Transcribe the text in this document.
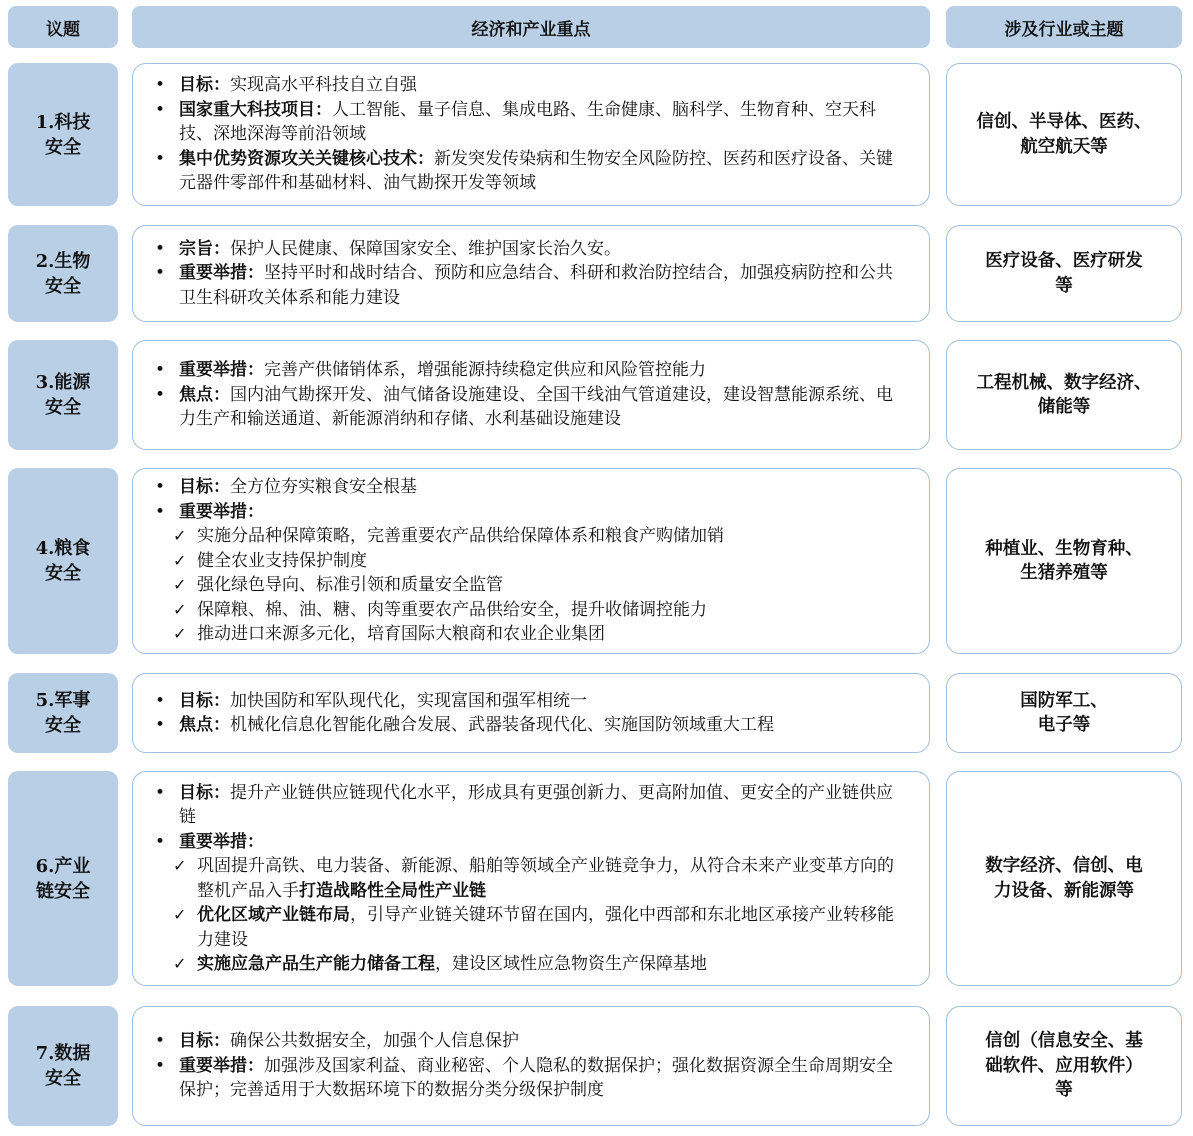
议题	经济和产业重点	涉及行业或主题
1.科技
安全
• 目标：实现高水平科技自立自强
• 国家重大科技项目：人工智能、量子信息、集成电路、生命健康、脑科学、生物育种、空天科技、深地深海等前沿领域
• 集中优势资源攻关关键核心技术：新发突发传染病和生物安全风险防控、医药和医疗设备、关键元器件零部件和基础材料、油气勘探开发等领域
信创、半导体、医药、
航空航天等
2.生物
安全
• 宗旨：保护人民健康、保障国家安全、维护国家长治久安。
• 重要举措：坚持平时和战时结合、预防和应急结合、科研和救治防控结合，加强疫病防控和公共卫生科研攻关体系和能力建设
医疗设备、医疗研发
等
3.能源
安全
• 重要举措：完善产供储销体系，增强能源持续稳定供应和风险管控能力
• 焦点：国内油气勘探开发、油气储备设施建设、全国干线油气管道建设，建设智慧能源系统、电力生产和输送通道、新能源消纳和存储、水利基础设施建设
工程机械、数字经济、
储能等
4.粮食
安全
• 目标：全方位夯实粮食安全根基
• 重要举措：
✓ 实施分品种保障策略，完善重要农产品供给保障体系和粮食产购储加销
✓ 健全农业支持保护制度
✓ 强化绿色导向、标准引领和质量安全监管
✓ 保障粮、棉、油、糖、肉等重要农产品供给安全，提升收储调控能力
✓ 推动进口来源多元化，培育国际大粮商和农业企业集团
种植业、生物育种、
生猪养殖等
5.军事
安全
• 目标：加快国防和军队现代化，实现富国和强军相统一
• 焦点：机械化信息化智能化融合发展、武器装备现代化、实施国防领域重大工程
国防军工、
电子等
6.产业
链安全
• 目标：提升产业链供应链现代化水平，形成具有更强创新力、更高附加值、更安全的产业链供应链
• 重要举措：
✓ 巩固提升高铁、电力装备、新能源、船舶等领域全产业链竞争力，从符合未来产业变革方向的整机产品入手打造战略性全局性产业链
✓ 优化区域产业链布局，引导产业链关键环节留在国内，强化中西部和东北地区承接产业转移能力建设
✓ 实施应急产品生产能力储备工程，建设区域性应急物资生产保障基地
数字经济、信创、电
力设备、新能源等
7.数据
安全
• 目标：确保公共数据安全，加强个人信息保护
• 重要举措：加强涉及国家利益、商业秘密、个人隐私的数据保护；强化数据资源全生命周期安全保护；完善适用于大数据环境下的数据分类分级保护制度
信创（信息安全、基
础软件、应用软件）
等
